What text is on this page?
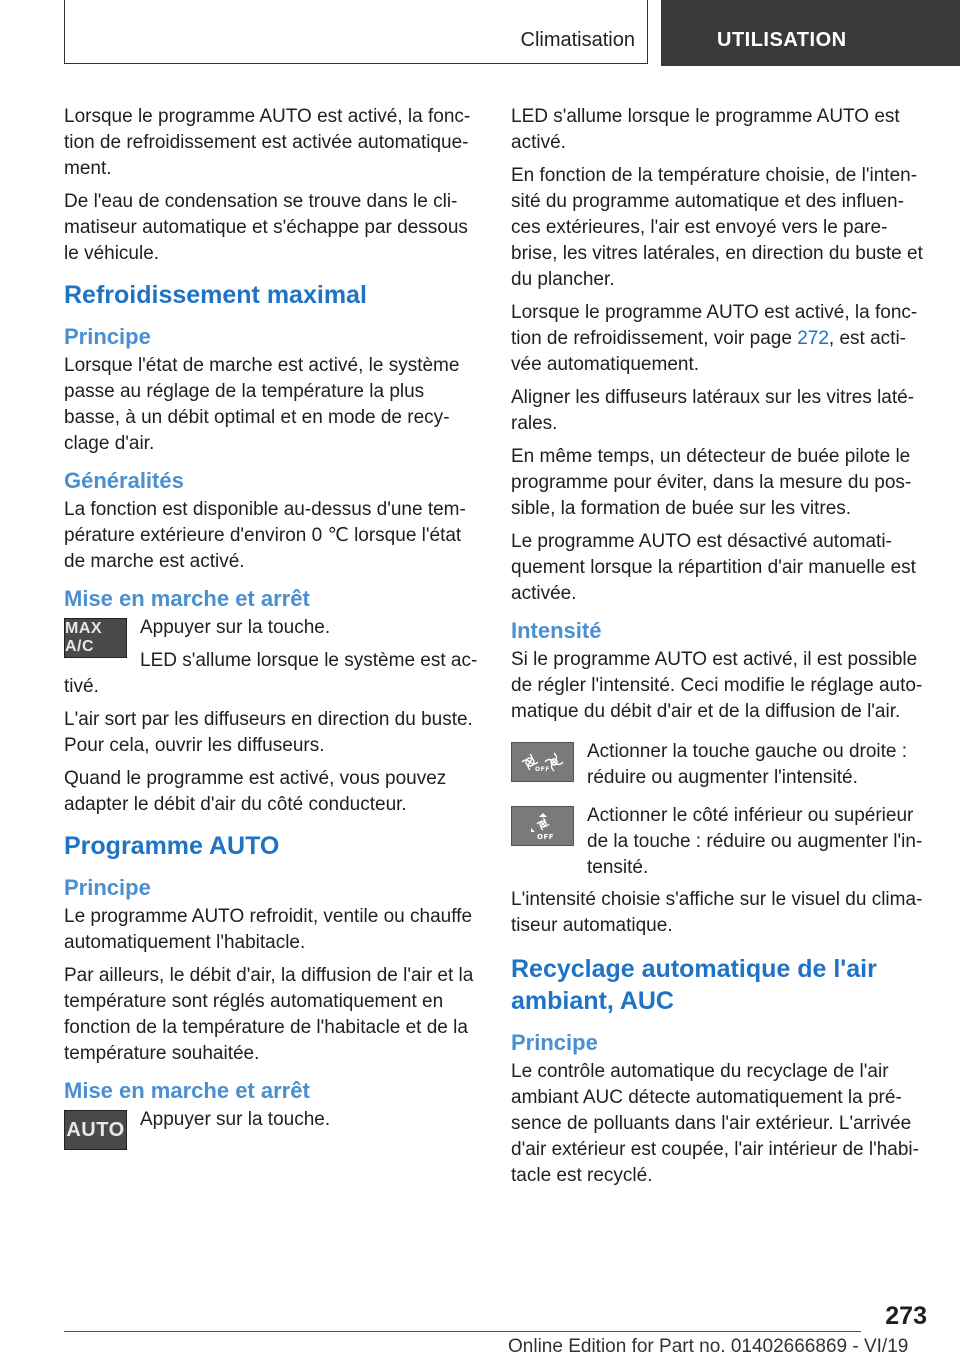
Climatisation	UTILISATION

Lorsque le programme AUTO est activé, la fonction de refroidissement est activée automatiquement.

De l'eau de condensation se trouve dans le climatiseur automatique et s'échappe par dessous le véhicule.

Refroidissement maximal
Principe

Lorsque l'état de marche est activé, le système passe au réglage de la température la plus basse, à un débit optimal et en mode de recyclage d'air.

Généralités

La fonction est disponible au-dessus d'une température extérieure d'environ 0 ℃ lorsque l'état de marche est activé.

Mise en marche et arrêt
MAX A/C

Appuyer sur la touche.

LED s'allume lorsque le système est activé.

L'air sort par les diffuseurs en direction du buste. Pour cela, ouvrir les diffuseurs.

Quand le programme est activé, vous pouvez adapter le débit d'air du côté conducteur.

Programme AUTO
Principe

Le programme AUTO refroidit, ventile ou chauffe automatiquement l'habitacle.

Par ailleurs, le débit d'air, la diffusion de l'air et la température sont réglés automatiquement en fonction de la température de l'habitacle et de la température souhaitée.

Mise en marche et arrêt
AUTO Appuyer sur la touche.

LED s'allume lorsque le programme AUTO est activé.

En fonction de la température choisie, de l'intensité du programme automatique et des influences extérieures, l'air est envoyé vers le pare-brise, les vitres latérales, en direction du buste et du plancher.

Lorsque le programme AUTO est activé, la fonction de refroidissement, voir page 272, est activée automatiquement.

Aligner les diffuseurs latéraux sur les vitres latérales.

En même temps, un détecteur de buée pilote le programme pour éviter, dans la mesure du possible, la formation de buée sur les vitres.

Le programme AUTO est désactivé automatiquement lorsque la répartition d'air manuelle est activée.

Intensité

Si le programme AUTO est activé, il est possible de régler l'intensité. Ceci modifie le réglage automatique du débit d'air et de la diffusion de l'air.

OFF

Actionner la touche gauche ou droite : réduire ou augmenter l'intensité.

OFF

Actionner le côté inférieur ou supérieur de la touche : réduire ou augmenter l'intensité.

L'intensité choisie s'affiche sur le visuel du climatiseur automatique.

Recyclage automatique de l'air ambiant, AUC
Principe

Le contrôle automatique du recyclage de l'air ambiant AUC détecte automatiquement la présence de polluants dans l'air extérieur. L'arrivée d'air extérieur est coupée, l'air intérieur de l'habitacle est recyclé.

273
Online Edition for Part no. 01402666869 - VI/19
